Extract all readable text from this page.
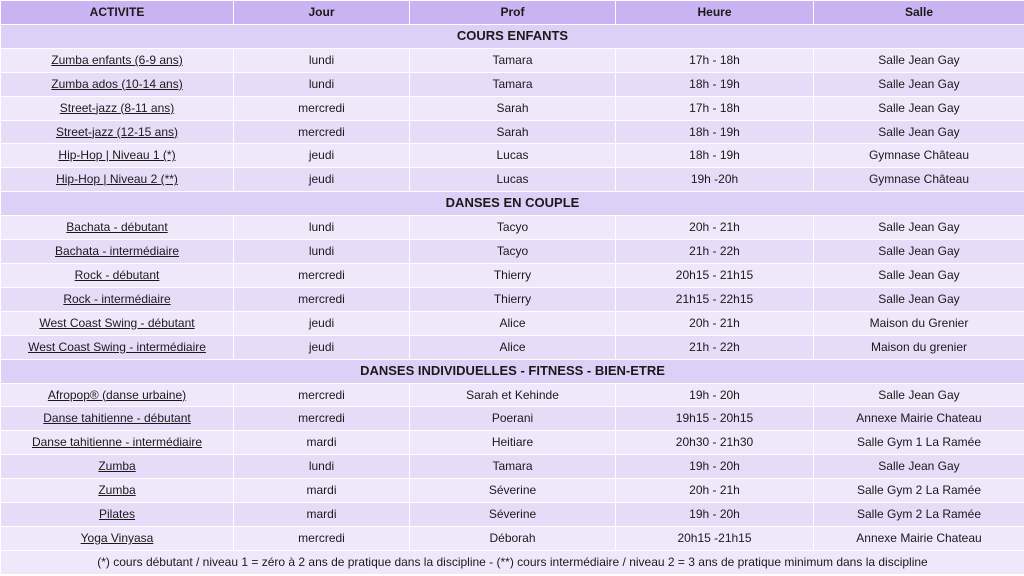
ACTIVITE	Jour	Prof	Heure	Salle
COURS ENFANTS				
Zumba enfants (6-9 ans)	lundi	Tamara	17h - 18h	Salle Jean Gay
Zumba ados (10-14 ans)	lundi	Tamara	18h - 19h	Salle Jean Gay
Street-jazz (8-11 ans)	mercredi	Sarah	17h - 18h	Salle Jean Gay
Street-jazz (12-15 ans)	mercredi	Sarah	18h - 19h	Salle Jean Gay
Hip-Hop | Niveau 1 (*)	jeudi	Lucas	18h - 19h	Gymnase Château
Hip-Hop | Niveau 2 (**)	jeudi	Lucas	19h -20h	Gymnase Château
DANSES EN COUPLE				
Bachata - débutant	lundi	Tacyo	20h - 21h	Salle Jean Gay
Bachata - intermédiaire	lundi	Tacyo	21h - 22h	Salle Jean Gay
Rock - débutant	mercredi	Thierry	20h15 - 21h15	Salle Jean Gay
Rock - intermédiaire	mercredi	Thierry	21h15 - 22h15	Salle Jean Gay
West Coast Swing - débutant	jeudi	Alice	20h - 21h	Maison du Grenier
West Coast Swing - intermédiaire	jeudi	Alice	21h - 22h	Maison du grenier
DANSES INDIVIDUELLES - FITNESS - BIEN-ETRE				
Afropop® (danse urbaine)	mercredi	Sarah et Kehinde	19h - 20h	Salle Jean Gay
Danse tahitienne - débutant	mercredi	Poerani	19h15 - 20h15	Annexe Mairie Chateau
Danse tahitienne - intermédiaire	mardi	Heitiare	20h30 - 21h30	Salle Gym 1 La Ramée
Zumba	lundi	Tamara	19h - 20h	Salle Jean Gay
Zumba	mardi	Séverine	20h - 21h	Salle Gym 2 La Ramée
Pilates	mardi	Séverine	19h - 20h	Salle Gym 2 La Ramée
Yoga Vinyasa	mercredi	Déborah	20h15 -21h15	Annexe Mairie Chateau
(*) cours débutant / niveau 1 = zéro à 2 ans de pratique dans la discipline - (**) cours intermédiaire / niveau 2 = 3 ans de pratique minimum dans la discipline				
